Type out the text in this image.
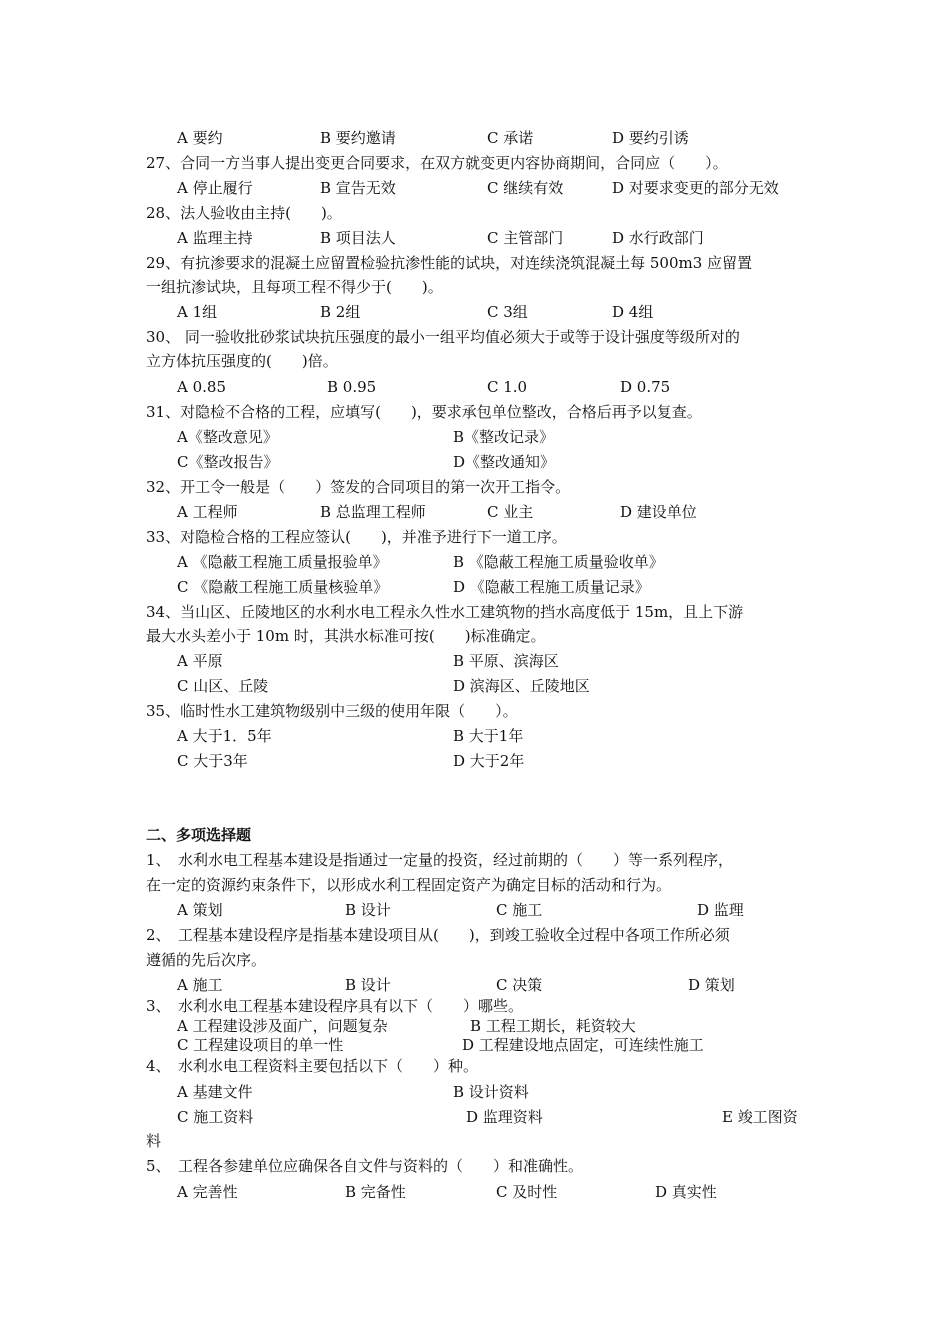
A 要约	B 要约邀请	C 承诺	D 要约引诱
27、合同一方当事人提出变更合同要求，在双方就变更内容协商期间，合同应（　　）。
A 停止履行	B 宣告无效	C 继续有效	D 对要求变更的部分无效
28、法人验收由主持(　　)。
A 监理主持	B 项目法人	C 主管部门	D 水行政部门
29、有抗渗要求的混凝土应留置检验抗渗性能的试块，对连续浇筑混凝土每 500m3 应留置
一组抗渗试块，且每项工程不得少于(　　)。
A 1组	B 2组	C 3组	D 4组
30、 同一验收批砂浆试块抗压强度的最小一组平均值必须大于或等于设计强度等级所对的
立方体抗压强度的(　　)倍。
A 0.85	B 0.95	C 1.0	D 0.75
31、对隐检不合格的工程，应填写(　　)，要求承包单位整改，合格后再予以复查。
A《整改意见》	B《整改记录》
C《整改报告》	D《整改通知》
32、开工令一般是（　　）签发的合同项目的第一次开工指令。
A 工程师	B 总监理工程师	C 业主	D 建设单位
33、对隐检合格的工程应签认(　　)，并准予进行下一道工序。
A 《隐蔽工程施工质量报验单》	B 《隐蔽工程施工质量验收单》
C 《隐蔽工程施工质量核验单》	D 《隐蔽工程施工质量记录》
34、当山区、丘陵地区的水利水电工程永久性水工建筑物的挡水高度低于 15m，且上下游
最大水头差小于 10m 时，其洪水标准可按(　　)标准确定。
A 平原	B 平原、滨海区
C 山区、丘陵	D 滨海区、丘陵地区
35、临时性水工建筑物级别中三级的使用年限（　　）。
A 大于1．5年	B 大于1年
C 大于3年	D 大于2年
二、多项选择题
1、　水利水电工程基本建设是指通过一定量的投资，经过前期的（　　）等一系列程序，
在一定的资源约束条件下，以形成水利工程固定资产为确定目标的活动和行为。
A 策划	B 设计	C 施工	D 监理
2、　工程基本建设程序是指基本建设项目从(　　)，到竣工验收全过程中各项工作所必须
遵循的先后次序。
A 施工	B 设计	C 决策	D 策划
3、　水利水电工程基本建设程序具有以下（　　）哪些。
A 工程建设涉及面广，问题复杂	B 工程工期长，耗资较大
C 工程建设项目的单一性	D 工程建设地点固定，可连续性施工
4、　水利水电工程资料主要包括以下（　　）种。
A 基建文件	B 设计资料
C 施工资料	D 监理资料	E 竣工图资
料
5、　工程各参建单位应确保各自文件与资料的（　　）和准确性。
A 完善性	B 完备性	C 及时性	D 真实性
